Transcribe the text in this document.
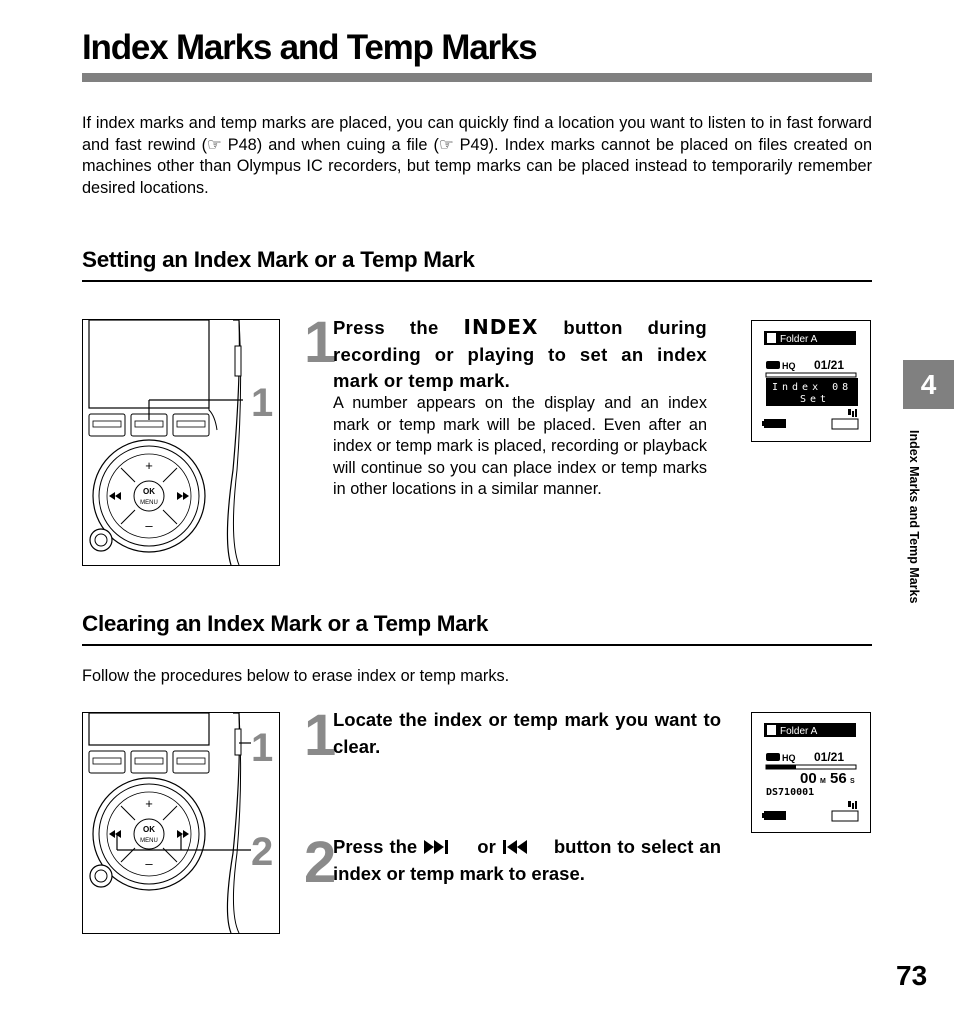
Index Marks and Temp Marks

If index marks and temp marks are placed, you can quickly find a location you want to listen to in fast forward and fast rewind (☞ P48) and when cuing a file (☞ P49). Index marks cannot be placed on files created on machines other than Olympus IC recorders, but temp marks can be placed instead to temporarily remember desired locations.

Setting an Index Mark or a Temp Mark
OK
MENU
+
–
1
1

Press the INDEX button during recording or playing to set an index mark or temp mark.

A number appears on the display and an index mark or temp mark will be placed. Even after an index or temp mark is placed, recording or playback will continue so you can place index or temp marks in other locations in a similar manner.

Folder A
HQ 01/21
Index 08
Set
Clearing an Index Mark or a Temp Mark

Follow the procedures below to erase index or temp marks.

OK
MENU
+
–
1
2
1

Locate the index or temp mark you want to clear.

2

Press the	or  button to select an index or temp mark to erase.

Folder A
HQ 01/21
00 M 56 S
DS710001
4
Index Marks and Temp Marks

73
